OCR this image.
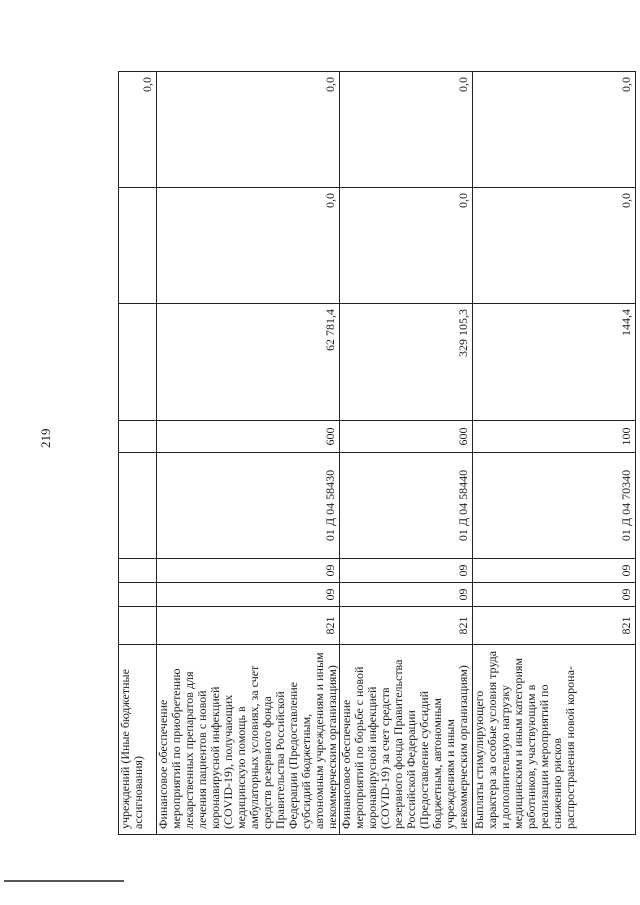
219
учреждений (Иные бюджетные ассигнования)								0,0
Финансовое обеспечение мероприятий по приобретению лекарственных препаратов для лечения пациентов с новой коронавирусной инфекцией (COVID-19), получающих медицинскую помощь в амбулаторных условиях, за счет средств резервного фонда Правительства Российской Федерации (Предоставление субсидий бюджетным, автономным учреждениям и иным некоммерческим организациям)	821	09	09	01 Д 04 58430	600	62 781,4	0,0	0,0
Финансовое обеспечение мероприятий по борьбе с новой коронавирусной инфекцией (COVID-19) за счет средств резервного фонда Правительства Российской Федерации (Предоставление субсидий бюджетным, автономным учреждениям и иным некоммерческим организациям)	821	09	09	01 Д 04 58440	600	329 105,3	0,0	0,0
Выплаты стимулирующего характера за особые условия труда и дополнительную нагрузку медицинским и иным категориям работников, участвующим в реализации мероприятий по снижению рисков распространения новой корона-	821	09	09	01 Д 04 70340	100	144,4	0,0	0,0
